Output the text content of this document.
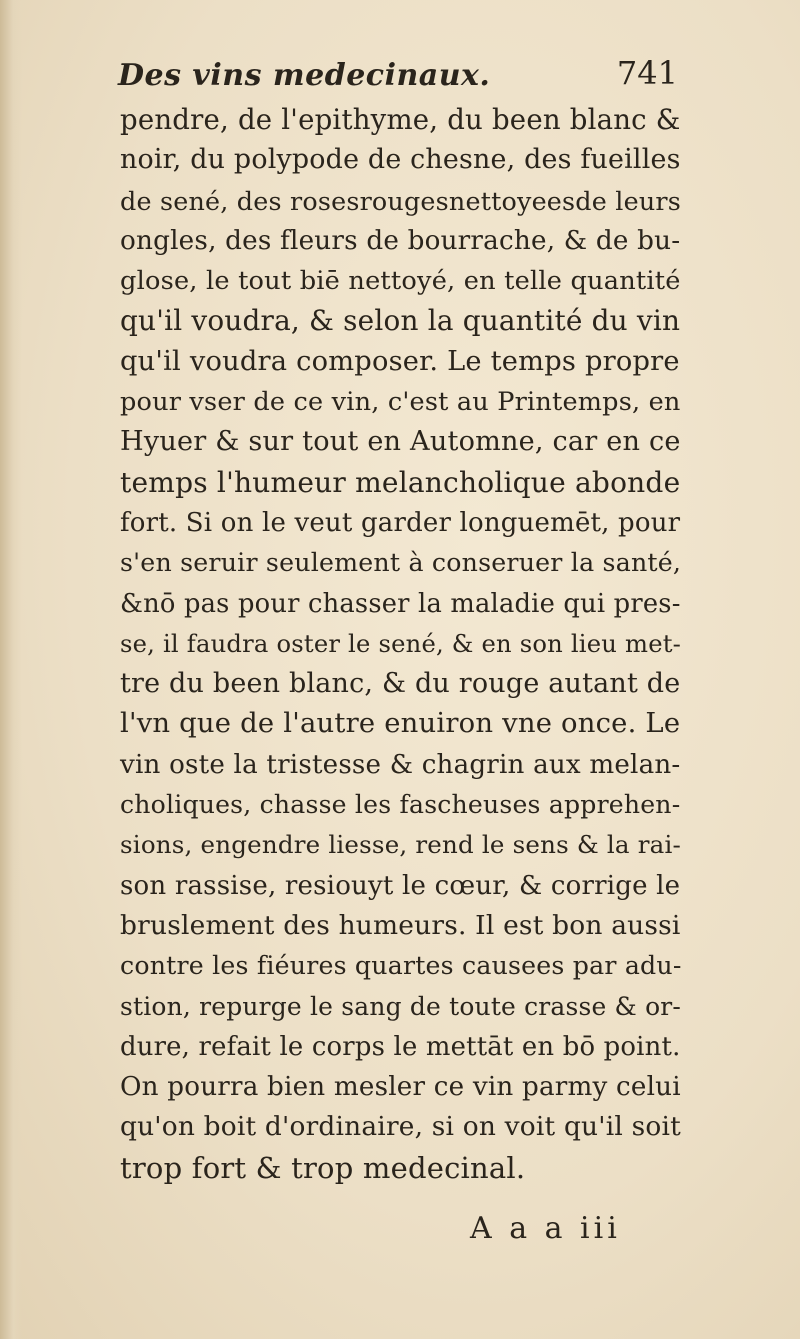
Des vins medecinaux.	741
pendre, de l'epithyme, du been blanc &
noir, du polypode de chesne, des fueilles
de sené, des rosesrougesnettoyeesde leurs
ongles, des fleurs de bourrache, & de bu-
glose, le tout biē nettoyé, en telle quantité
qu'il voudra, & selon la quantité du vin
qu'il voudra composer. Le temps propre
pour vser de ce vin, c'est au Printemps, en
Hyuer & sur tout en Automne, car en ce
temps l'humeur melancholique abonde
fort. Si on le veut garder longuemēt, pour
s'en seruir seulement à conseruer la santé,
&nō pas pour chasser la maladie qui pres-
se, il faudra oster le sené, & en son lieu met-
tre du been blanc, & du rouge autant de
l'vn que de l'autre enuiron vne once. Le
vin oste la tristesse & chagrin aux melan-
choliques, chasse les fascheuses apprehen-
sions, engendre liesse, rend le sens & la rai-
son rassise, resiouyt le cœur, & corrige le
bruslement des humeurs. Il est bon aussi
contre les fiéures quartes causees par adu-
stion, repurge le sang de toute crasse & or-
dure, refait le corps le mettāt en bō point.
On pourra bien mesler ce vin parmy celui
qu'on boit d'ordinaire, si on voit qu'il soit
trop fort & trop medecinal.
A a a iii
